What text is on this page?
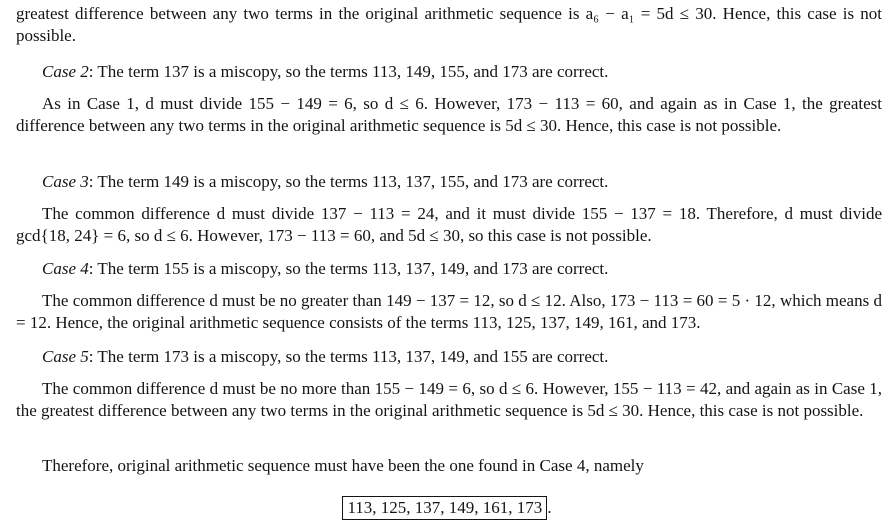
greatest difference between any two terms in the original arithmetic sequence is a₆ − a₁ = 5d ≤ 30. Hence, this case is not possible.

Case 2: The term 137 is a miscopy, so the terms 113, 149, 155, and 173 are correct.

As in Case 1, d must divide 155 − 149 = 6, so d ≤ 6. However, 173 − 113 = 60, and again as in Case 1, the greatest difference between any two terms in the original arithmetic sequence is 5d ≤ 30. Hence, this case is not possible.

Case 3: The term 149 is a miscopy, so the terms 113, 137, 155, and 173 are correct.

The common difference d must divide 137 − 113 = 24, and it must divide 155 − 137 = 18. Therefore, d must divide gcd{18, 24} = 6, so d ≤ 6. However, 173 − 113 = 60, and 5d ≤ 30, so this case is not possible.

Case 4: The term 155 is a miscopy, so the terms 113, 137, 149, and 173 are correct.

The common difference d must be no greater than 149 − 137 = 12, so d ≤ 12. Also, 173 − 113 = 60 = 5 · 12, which means d = 12. Hence, the original arithmetic sequence consists of the terms 113, 125, 137, 149, 161, and 173.

Case 5: The term 173 is a miscopy, so the terms 113, 137, 149, and 155 are correct.

The common difference d must be no more than 155 − 149 = 6, so d ≤ 6. However, 155 − 113 = 42, and again as in Case 1, the greatest difference between any two terms in the original arithmetic sequence is 5d ≤ 30. Hence, this case is not possible.

Therefore, original arithmetic sequence must have been the one found in Case 4, namely

113, 125, 137, 149, 161, 173 .
